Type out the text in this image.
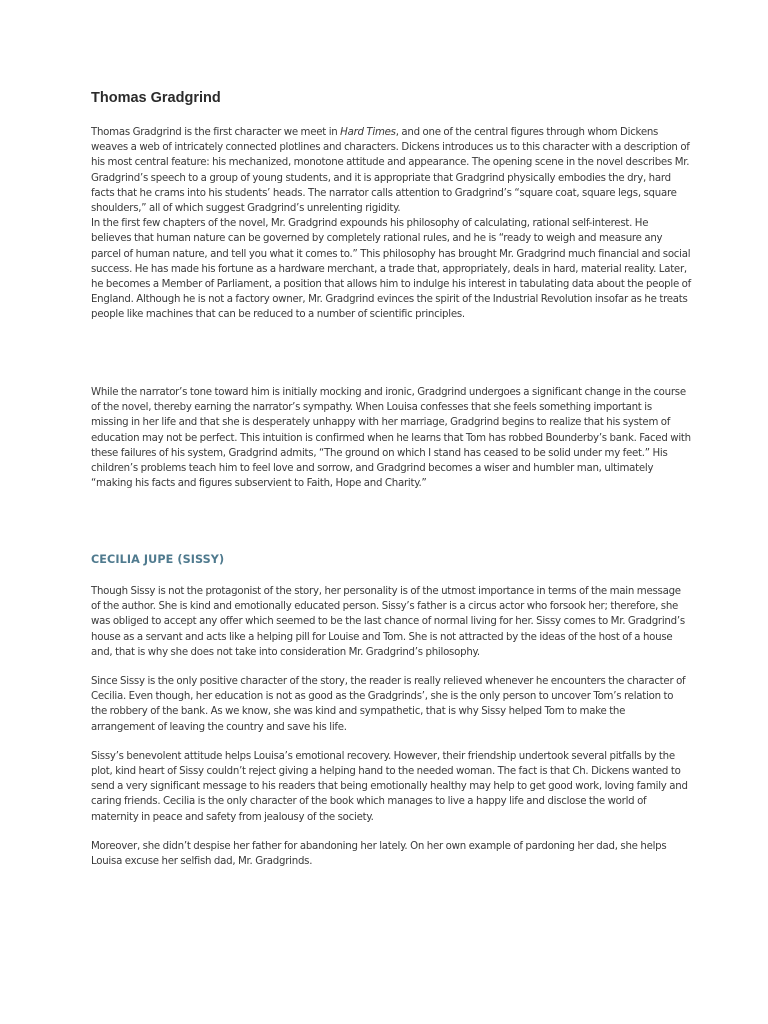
Thomas Gradgrind

Thomas Gradgrind is the first character we meet in Hard Times, and one of the central figures through whom Dickens weaves a web of intricately connected plotlines and characters. Dickens introduces us to this character with a description of his most central feature: his mechanized, monotone attitude and appearance. The opening scene in the novel describes Mr. Gradgrind’s speech to a group of young students, and it is appropriate that Gradgrind physically embodies the dry, hard facts that he crams into his students’ heads. The narrator calls attention to Gradgrind’s “square coat, square legs, square shoulders,” all of which suggest Gradgrind’s unrelenting rigidity.

In the first few chapters of the novel, Mr. Gradgrind expounds his philosophy of calculating, rational self-interest. He believes that human nature can be governed by completely rational rules, and he is “ready to weigh and measure any parcel of human nature, and tell you what it comes to.” This philosophy has brought Mr. Gradgrind much financial and social success. He has made his fortune as a hardware merchant, a trade that, appropriately, deals in hard, material reality. Later, he becomes a Member of Parliament, a position that allows him to indulge his interest in tabulating data about the people of England. Although he is not a factory owner, Mr. Gradgrind evinces the spirit of the Industrial Revolution insofar as he treats people like machines that can be reduced to a number of scientific principles.

While the narrator’s tone toward him is initially mocking and ironic, Gradgrind undergoes a significant change in the course of the novel, thereby earning the narrator’s sympathy. When Louisa confesses that she feels something important is missing in her life and that she is desperately unhappy with her marriage, Gradgrind begins to realize that his system of education may not be perfect. This intuition is confirmed when he learns that Tom has robbed Bounderby’s bank. Faced with these failures of his system, Gradgrind admits, “The ground on which I stand has ceased to be solid under my feet.” His children’s problems teach him to feel love and sorrow, and Gradgrind becomes a wiser and humbler man, ultimately “making his facts and figures subservient to Faith, Hope and Charity.”

CECILIA JUPE (SISSY)

Though Sissy is not the protagonist of the story, her personality is of the utmost importance in terms of the main message of the author. She is kind and emotionally educated person. Sissy’s father is a circus actor who forsook her; therefore, she was obliged to accept any offer which seemed to be the last chance of normal living for her. Sissy comes to Mr. Gradgrind’s house as a servant and acts like a helping pill for Louise and Tom. She is not attracted by the ideas of the host of a house and, that is why she does not take into consideration Mr. Gradgrind’s philosophy.

Since Sissy is the only positive character of the story, the reader is really relieved whenever he encounters the character of Cecilia. Even though, her education is not as good as the Gradgrinds’, she is the only person to uncover Tom’s relation to the robbery of the bank. As we know, she was kind and sympathetic, that is why Sissy helped Tom to make the arrangement of leaving the country and save his life.

Sissy’s benevolent attitude helps Louisa’s emotional recovery. However, their friendship undertook several pitfalls by the plot, kind heart of Sissy couldn’t reject giving a helping hand to the needed woman. The fact is that Ch. Dickens wanted to send a very significant message to his readers that being emotionally healthy may help to get good work, loving family and caring friends. Cecilia is the only character of the book which manages to live a happy life and disclose the world of maternity in peace and safety from jealousy of the society.

Moreover, she didn’t despise her father for abandoning her lately. On her own example of pardoning her dad, she helps Louisa excuse her selfish dad, Mr. Gradgrinds.
